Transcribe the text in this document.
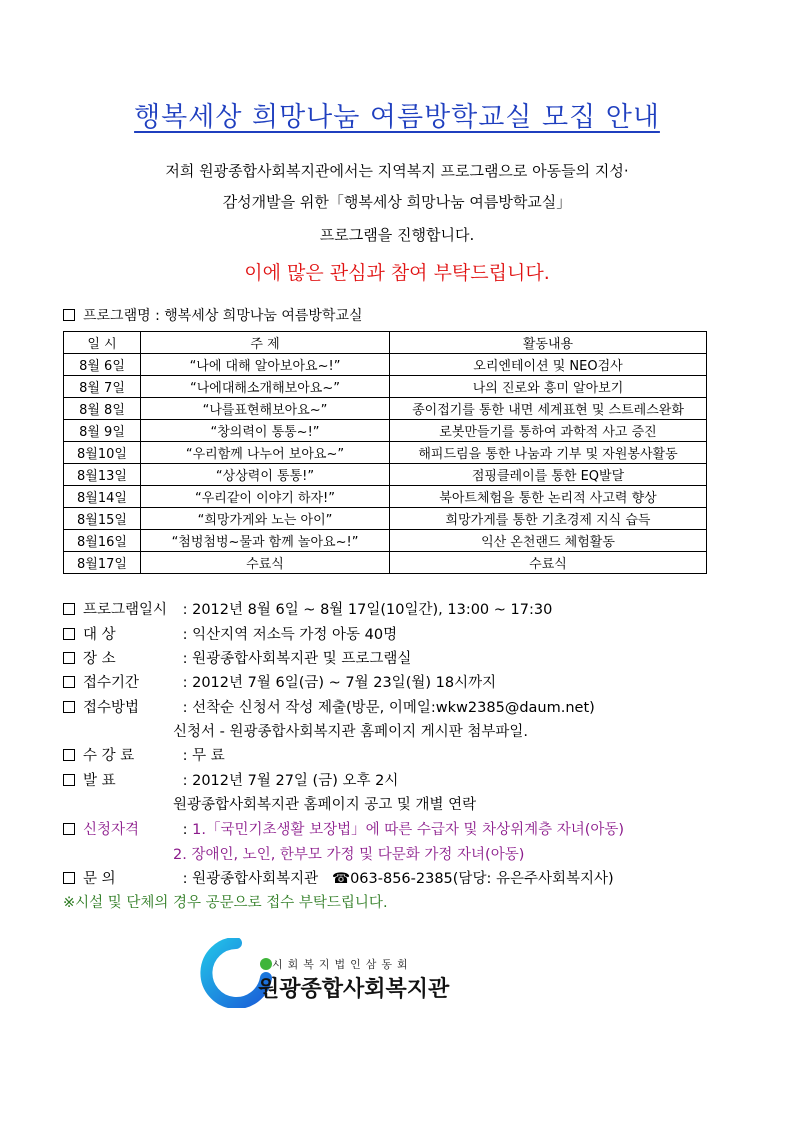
행복세상 희망나눔 여름방학교실 모집 안내
저희 원광종합사회복지관에서는 지역복지 프로그램으로 아동들의 지성·
감성개발을 위한「행복세상 희망나눔 여름방학교실」
프로그램을 진행합니다.
이에 많은 관심과 참여 부탁드립니다.
프로그램명 : 행복세상 희망나눔 여름방학교실
일 시	주 제	활동내용
8월 6일	“나에 대해 알아보아요~!”	오리엔테이션 및 NEO검사
8월 7일	“나에대해소개해보아요~”	나의 진로와 흥미 알아보기
8월 8일	“나를표현해보아요~”	종이접기를 통한 내면 세계표현 및 스트레스완화
8월 9일	“창의력이 통통~!”	로봇만들기를 통하여 과학적 사고 증진
8월10일	“우리함께 나누어 보아요~”	해피드림을 통한 나눔과 기부 및 자원봉사활동
8월13일	“상상력이 통통!”	점핑클레이를 통한 EQ발달
8월14일	“우리같이 이야기 하자!”	북아트체험을 통한 논리적 사고력 향상
8월15일	“희망가게와 노는 아이”	희망가게를 통한 기초경제 지식 습득
8월16일	“첨벙첨벙~물과 함께 놀아요~!”	익산 온천랜드 체험활동
8월17일	수료식	수료식
프로그램일시 : 2012년 8월 6일 ~ 8월 17일(10일간), 13:00 ~ 17:30
대 상	: 익산지역 저소득 가정 아동 40명
장 소	: 원광종합사회복지관 및 프로그램실
접수기간	: 2012년 7월 6일(금) ~ 7월 23일(월) 18시까지
접수방법	: 선착순 신청서 작성 제출(방문, 이메일:wkw2385@daum.net)
신청서 - 원광종합사회복지관 홈페이지 게시판 첨부파일.
수 강 료	: 무 료
발 표	: 2012년 7월 27일 (금) 오후 2시
원광종합사회복지관 홈페이지 공고 및 개별 연락
신청자격	: 1.「국민기초생활 보장법」에 따른 수급자 및 차상위계층 자녀(아동)
2. 장애인, 노인, 한부모 가정 및 다문화 가정 자녀(아동)
문 의	: 원광종합사회복지관 ☎063-856-2385(담당: 유은주사회복지사)
※시설 및 단체의 경우 공문으로 접수 부탁드립니다.
시회복지법인삼동회
원광종합사회복지관
